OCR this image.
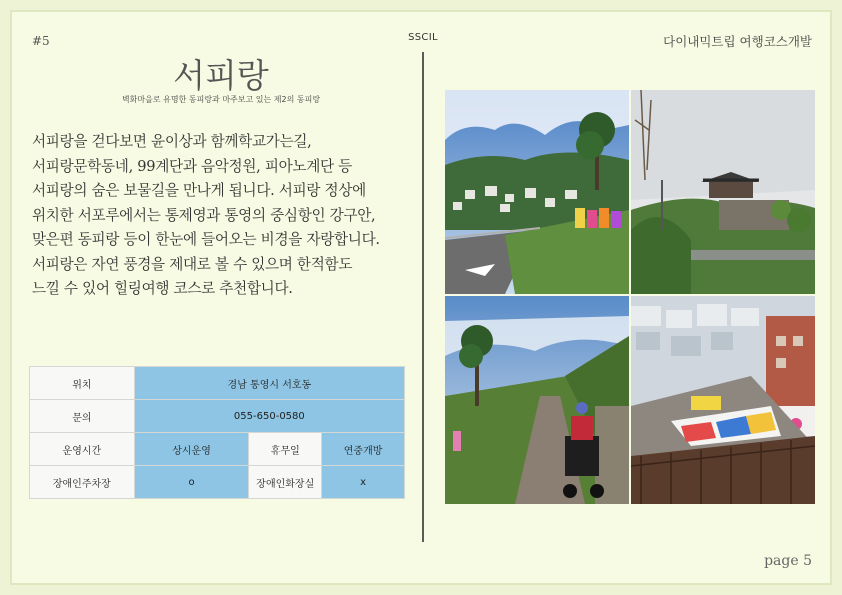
#5	SSCIL	다이내믹트립 여행코스개발
서피랑
벽화마을로 유명한 동피랑과 마주보고 있는 제2의 동피랑
서피랑을 걷다보면 윤이상과 함께학교가는길,
서피랑문학동네, 99계단과 음악정원, 피아노계단 등
서피랑의 숨은 보물길을 만나게 됩니다. 서피랑 정상에
위치한 서포루에서는 통제영과 통영의 중심항인 강구안,
맞은편 동피랑 등이 한눈에 들어오는 비경을 자랑합니다.
서피랑은 자연 풍경을 제대로 볼 수 있으며 한적함도
느낄 수 있어 힐링여행 코스로 추천합니다.
위치	경남 통영시 서호동		
문의	055-650-0580		
운영시간	상시운영	휴무일	연중개방
장애인주차장	o	장애인화장실	x
page 5
